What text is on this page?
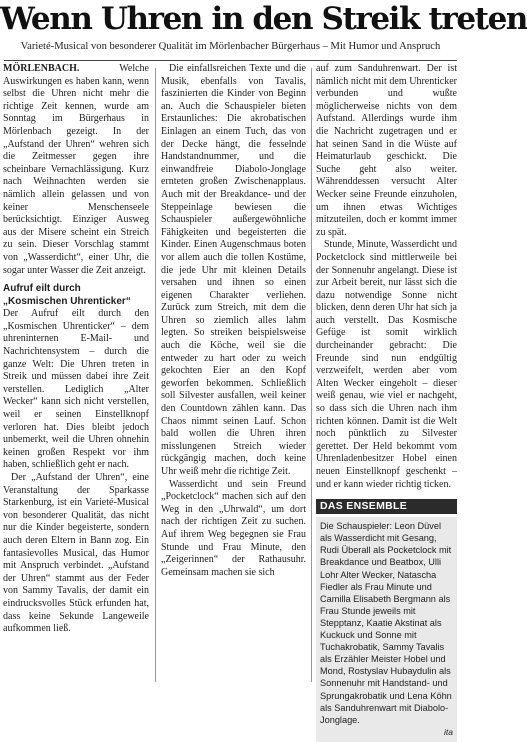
Wenn Uhren in den Streik treten
Varieté-Musical von besonderer Qualität im Mörlenbacher Bürgerhaus – Mit Humor und Anspruch

MÖRLENBACH.	Welche Auswirkungen es haben kann, wenn selbst die Uhren nicht mehr die richtige Zeit kennen, wurde am Sonntag im Bürgerhaus in Mörlenbach gezeigt. In der „Aufstand der Uhren“ wehren sich die Zeitmesser gegen ihre scheinbare Vernachlässigung. Kurz nach Weihnachten werden sie nämlich allein gelassen und von keiner Menschenseele berücksichtigt. Einziger Ausweg aus der Misere scheint ein Streich zu sein. Dieser Vorschlag stammt von „Wasserdicht“, einer Uhr, die sogar unter Wasser die Zeit anzeigt.

Aufruf eilt durch
„Kosmischen Uhrenticker“

Der Aufruf eilt durch den „Kosmischen Uhrenticker“ – dem uhreninternen E-Mail- und Nachrichtensystem – durch die ganze Welt: Die Uhren treten in Streik und müssen dabei ihre Zeit verstellen. Lediglich „Alter Wecker“ kann sich nicht verstellen, weil er seinen Einstellknopf verloren hat. Dies bleibt jedoch unbemerkt, weil die Uhren ohnehin keinen großen Respekt vor ihm haben, schließlich geht er nach.

Der „Aufstand der Uhren“, eine Veranstaltung der Sparkasse Starkenburg, ist ein Varieté-Musical von besonderer Qualität, das nicht nur die Kinder begeisterte, sondern auch deren Eltern in Bann zog. Ein fantasievolles Musical, das Humor mit Anspruch verbindet. „Aufstand der Uhren“ stammt aus der Feder von Sammy Tavalis, der damit ein eindrucksvolles Stück erfunden hat, dass keine Sekunde Langeweile aufkommen ließ.

Die einfallsreichen Texte und die Musik, ebenfalls von Tavalis, faszinierten die Kinder von Beginn an. Auch die Schauspieler bieten Erstaunliches: Die akrobatischen Einlagen an einem Tuch, das von der Decke hängt, die fesselnde Handstandnummer, und die einwandfreie Diabolo-Jonglage ernteten großen Zwischenapplaus. Auch mit der Breakdance- und der Steppeinlage bewiesen die Schauspieler außergewöhnliche Fähigkeiten und begeisterten die Kinder. Einen Augenschmaus boten vor allem auch die tollen Kostüme, die jede Uhr mit kleinen Details versahen und ihnen so einen eigenen Charakter verliehen. Zurück zum Streich, mit dem die Uhren so ziemlich alles lahm legten. So streiken beispielsweise auch die Köche, weil sie die entweder zu hart oder zu weich gekochten Eier an den Kopf geworfen bekommen. Schließlich soll Silvester ausfallen, weil keiner den Countdown zählen kann. Das Chaos nimmt seinen Lauf. Schon bald wollen die Uhren ihren misslungenen Streich wieder rückgängig machen, doch keine Uhr weiß mehr die richtige Zeit.

Wasserdicht und sein Freund „Pocketclock“ machen sich auf den Weg in den „Uhrwald“, um dort nach der richtigen Zeit zu suchen. Auf ihrem Weg begegnen sie Frau Stunde und Frau Minute, den „Zeigerinnen“ der Rathausuhr. Gemeinsam machen sie sich

auf zum Sanduhrenwart. Der ist nämlich nicht mit dem Uhrenticker verbunden und wußte möglicherweise nichts von dem Aufstand. Allerdings wurde ihm die Nachricht zugetragen und er hat seinen Sand in die Wüste auf Heimaturlaub geschickt. Die Suche geht also weiter. Währenddessen versucht Alter Wecker seine Freunde einzuholen, um ihnen etwas Wichtiges mitzuteilen, doch er kommt immer zu spät.

Stunde, Minute, Wasserdicht und Pocketclock sind mittlerweile bei der Sonnenuhr angelangt. Diese ist zur Arbeit bereit, nur lässt sich die dazu notwendige Sonne nicht blicken, denn deren Uhr hat sich ja auch verstellt. Das Kosmische Gefüge ist somit wirklich durcheinander gebracht: Die Freunde sind nun endgültig verzweifelt, werden aber vom Alten Wecker eingeholt – dieser weiß genau, wie viel er nachgeht, so dass sich die Uhren nach ihm richten können. Damit ist die Welt noch pünktlich zu Silvester gerettet. Der Held bekommt vom Uhrenladenbesitzer Hobel einen neuen Einstellknopf geschenkt – und er kann wieder richtig ticken.

DAS ENSEMBLE

Die Schauspieler: Leon Düvel als Wasserdicht mit Gesang, Rudi Überall als Pocketclock mit Breakdance und Beatbox, Ulli Lohr Alter Wecker, Natascha Fiedler als Frau Minute und Camilla Elisabeth Bergmann als Frau Stunde jeweils mit Stepptanz, Kaatie Akstinat als Kuckuck und Sonne mit Tuchakrobatik, Sammy Tavalis als Erzähler Meister Hobel und Mond, Rostyslav Hubaydulin als Sonnenuhr mit Handstand- und Sprungakrobatik und Lena Köhn als Sanduhrenwart mit Diabolo-Jonglage.

ita
